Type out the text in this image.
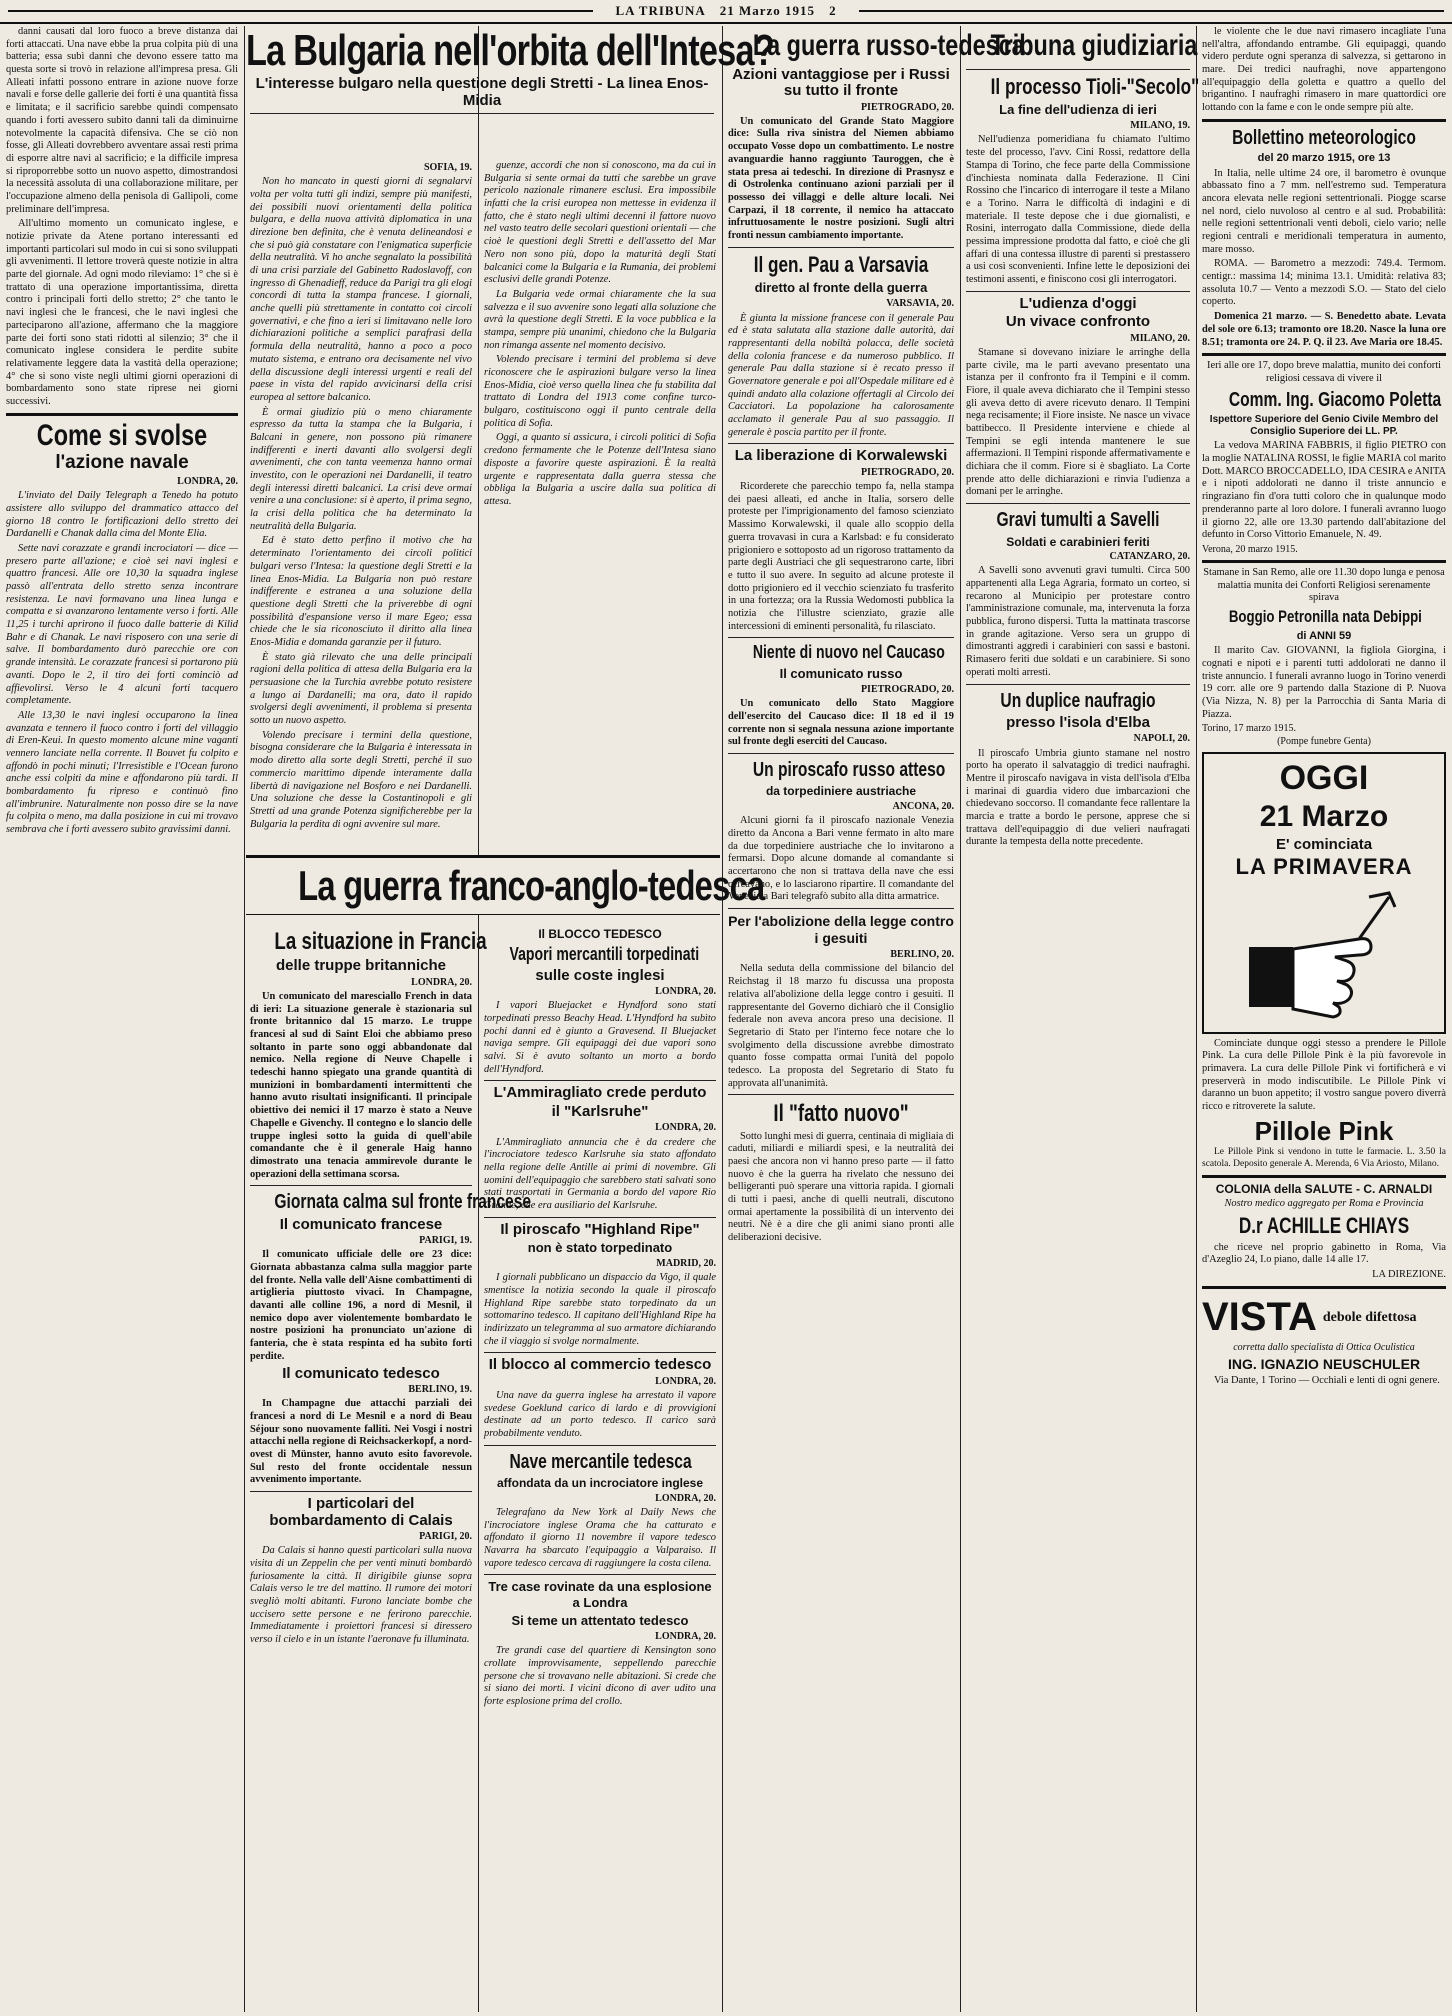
LA TRIBUNA 21 Marzo 1915 2

danni causati dal loro fuoco a breve distanza dai forti attaccati. Una nave ebbe la prua colpita più di una batteria; essa subì danni che devono essere tatto ma questa sorte si trovò in relazione all'impresa presa. Gli Alleati infatti possono entrare in azione nuove forze navali e forse delle gallerie dei forti è una quantità fissa e limitata; e il sacrificio sarebbe quindi compensato quando i forti avessero subìto danni tali da diminuirne notevolmente la capacità difensiva. Che se ciò non fosse, gli Alleati dovrebbero avventare assai resti prima di esporre altre navi al sacrificio; e la difficile impresa si riproporrebbe sotto un nuovo aspetto, dimostrandosi la necessità assoluta di una collaborazione militare, per l'occupazione almeno della penisola di Gallipoli, come preliminare dell'impresa.

All'ultimo momento un comunicato inglese, e notizie private da Atene portano interessanti ed importanti particolari sul modo in cui si sono sviluppati gli avvenimenti. Il lettore troverà queste notizie in altra parte del giornale. Ad ogni modo rileviamo: 1° che si è trattato di una operazione importantissima, diretta contro i principali forti dello stretto; 2° che tanto le navi inglesi che le francesi, che le navi inglesi che parteciparono all'azione, affermano che la maggiore parte dei forti sono stati ridotti al silenzio; 3° che il comunicato inglese considera le perdite subite relativamente leggere data la vastità della operazione; 4° che si sono viste negli ultimi giorni operazioni di bombardamento sono state riprese nei giorni successivi.

Come si svolse
l'azione navale
LONDRA, 20.

L'inviato del Daily Telegraph a Tenedo ha potuto assistere allo sviluppo del drammatico attacco del giorno 18 contro le fortificazioni dello stretto dei Dardanelli e Chanak dalla cima del Monte Elia.

Sette navi corazzate e grandi incrociatori — dice — presero parte all'azione; e cioè sei navi inglesi e quattro francesi. Alle ore 10,30 la squadra inglese passò all'entrata dello stretto senza incontrare resistenza. Le navi formavano una linea lunga e compatta e si avanzarono lentamente verso i forti. Alle 11,25 i turchi aprirono il fuoco dalle batterie di Kilid Bahr e di Chanak. Le navi risposero con una serie di salve. Il bombardamento durò parecchie ore con grande intensità. Le corazzate francesi si portarono più avanti. Dopo le 2, il tiro dei forti cominciò ad affievolirsi. Verso le 4 alcuni forti tacquero completamente.

Alle 13,30 le navi inglesi occuparono la linea avanzata e tennero il fuoco contro i forti del villaggio di Eren-Keui. In questo momento alcune mine vaganti vennero lanciate nella corrente. Il Bouvet fu colpito e affondò in pochi minuti; l'Irresistible e l'Ocean furono anche essi colpiti da mine e affondarono più tardi. Il bombardamento fu ripreso e continuò fino all'imbrunire. Naturalmente non posso dire se la nave fu colpita o meno, ma dalla posizione in cui mi trovavo sembrava che i forti avessero subìto gravissimi danni.

La Bulgaria nell'orbita dell'Intesa?
L'interesse bulgaro nella questione degli Stretti - La linea Enos-Midia
SOFIA, 19.

Non ho mancato in questi giorni di segnalarvi volta per volta tutti gli indizi, sempre più manifesti, dei possibili nuovi orientamenti della politica bulgara, e della nuova attività diplomatica in una direzione ben definita, che è venuta delineandosi e che si può già constatare con l'enigmatica superficie della neutralità. Vi ho anche segnalato la possibilità di una crisi parziale del Gabinetto Radoslavoff, con ingresso di Ghenadieff, reduce da Parigi tra gli elogi concordi di tutta la stampa francese. I giornali, anche quelli più strettamente in contatto coi circoli governativi, e che fino a ieri si limitavano nelle loro dichiarazioni politiche a semplici parafrasi della formula della neutralità, hanno a poco a poco mutato sistema, e entrano ora decisamente nel vivo della discussione degli interessi urgenti e reali del paese in vista del rapido avvicinarsi della crisi europea al settore balcanico.

È ormai giudizio più o meno chiaramente espresso da tutta la stampa che la Bulgaria, i Balcani in genere, non possono più rimanere indifferenti e inerti davanti allo svolgersi degli avvenimenti, che con tanta veemenza hanno ormai investito, con le operazioni nei Dardanelli, il teatro degli interessi diretti balcanici. La crisi deve ormai venire a una conclusione: si è aperto, il prima segno, la crisi della politica che ha determinato la neutralità della Bulgaria.

Ed è stato detto perfino il motivo che ha determinato l'orientamento dei circoli politici bulgari verso l'Intesa: la questione degli Stretti e la linea Enos-Midia. La Bulgaria non può restare indifferente e estranea a una soluzione della questione degli Stretti che la priverebbe di ogni possibilità d'espansione verso il mare Egeo; essa chiede che le sia riconosciuto il diritto alla linea Enos-Midia e domanda garanzie per il futuro.

È stato già rilevato che una delle principali ragioni della politica di attesa della Bulgaria era la persuasione che la Turchia avrebbe potuto resistere a lungo ai Dardanelli; ma ora, dato il rapido svolgersi degli avvenimenti, il problema si presenta sotto un nuovo aspetto.

Volendo precisare i termini della questione, bisogna considerare che la Bulgaria è interessata in modo diretto alla sorte degli Stretti, perché il suo commercio marittimo dipende interamente dalla libertà di navigazione nel Bosforo e nei Dardanelli. Una soluzione che desse la Costantinopoli e gli Stretti ad una grande Potenza significherebbe per la Bulgaria la perdita di ogni avvenire sul mare.

guenze, accordi che non si conoscono, ma da cui in Bulgaria si sente ormai da tutti che sarebbe un grave pericolo nazionale rimanere esclusi. Era impossibile infatti che la crisi europea non mettesse in evidenza il fatto, che è stato negli ultimi decenni il fattore nuovo nel vasto teatro delle secolari questioni orientali — che cioè le questioni degli Stretti e dell'assetto del Mar Nero non sono più, dopo la maturità degli Stati balcanici come la Bulgaria e la Rumania, dei problemi esclusivi delle grandi Potenze.

La Bulgaria vede ormai chiaramente che la sua salvezza e il suo avvenire sono legati alla soluzione che avrà la questione degli Stretti. E la voce pubblica e la stampa, sempre più unanimi, chiedono che la Bulgaria non rimanga assente nel momento decisivo.

Volendo precisare i termini del problema si deve riconoscere che le aspirazioni bulgare verso la linea Enos-Midia, cioè verso quella linea che fu stabilita dal trattato di Londra del 1913 come confine turco-bulgaro, costituiscono oggi il punto centrale della politica di Sofia.

Oggi, a quanto si assicura, i circoli politici di Sofia credono fermamente che le Potenze dell'Intesa siano disposte a favorire queste aspirazioni. È la realtà urgente e rappresentata dalla guerra stessa che obbliga la Bulgaria a uscire dalla sua politica di attesa.

La guerra franco-anglo-tedesca
La situazione in Francia
delle truppe britanniche
LONDRA, 20.

Un comunicato del maresciallo French in data di ieri: La situazione generale è stazionaria sul fronte britannico dal 15 marzo. Le truppe francesi al sud di Saint Eloi che abbiamo preso soltanto in parte sono oggi abbandonate dal nemico. Nella regione di Neuve Chapelle i tedeschi hanno spiegato una grande quantità di munizioni in bombardamenti intermittenti che hanno avuto risultati insignificanti. Il principale obiettivo dei nemici il 17 marzo è stato a Neuve Chapelle e Givenchy. Il contegno e lo slancio delle truppe inglesi sotto la guida di quell'abile comandante che è il generale Haig hanno dimostrato una tenacia ammirevole durante le operazioni della settimana scorsa.

Giornata calma sul fronte francese
Il comunicato francese
PARIGI, 19.

Il comunicato ufficiale delle ore 23 dice: Giornata abbastanza calma sulla maggior parte del fronte. Nella valle dell'Aisne combattimenti di artiglieria piuttosto vivaci. In Champagne, davanti alle colline 196, a nord di Mesnil, il nemico dopo aver violentemente bombardato le nostre posizioni ha pronunciato un'azione di fanteria, che è stata respinta ed ha subìto forti perdite.

Il comunicato tedesco
BERLINO, 19.

In Champagne due attacchi parziali dei francesi a nord di Le Mesnil e a nord di Beau Séjour sono nuovamente falliti. Nei Vosgi i nostri attacchi nella regione di Reichsackerkopf, a nord-ovest di Münster, hanno avuto esito favorevole. Sul resto del fronte occidentale nessun avvenimento importante.

I particolari del bombardamento di Calais
PARIGI, 20.

Da Calais si hanno questi particolari sulla nuova visita di un Zeppelin che per venti minuti bombardò furiosamente la città. Il dirigibile giunse sopra Calais verso le tre del mattino. Il rumore dei motori svegliò molti abitanti. Furono lanciate bombe che uccisero sette persone e ne ferirono parecchie. Immediatamente i proiettori francesi si diressero verso il cielo e in un istante l'aeronave fu illuminata.

Il BLOCCO TEDESCO
Vapori mercantili torpedinati
sulle coste inglesi
LONDRA, 20.

I vapori Bluejacket e Hyndford sono stati torpedinati presso Beachy Head. L'Hyndford ha subìto pochi danni ed è giunto a Gravesend. Il Bluejacket naviga sempre. Gli equipaggi dei due vapori sono salvi. Si è avuto soltanto un morto a bordo dell'Hyndford.

L'Ammiragliato crede perduto
il "Karlsruhe"
LONDRA, 20.

L'Ammiragliato annuncia che è da credere che l'incrociatore tedesco Karlsruhe sia stato affondato nella regione delle Antille ai primi di novembre. Gli uomini dell'equipaggio che sarebbero stati salvati sono stati trasportati in Germania a bordo del vapore Rio Grande, che era ausiliario del Karlsruhe.

Il piroscafo "Highland Ripe"
non è stato torpedinato
MADRID, 20.

I giornali pubblicano un dispaccio da Vigo, il quale smentisce la notizia secondo la quale il piroscafo Highland Ripe sarebbe stato torpedinato da un sottomarino tedesco. Il capitano dell'Highland Ripe ha indirizzato un telegramma al suo armatore dichiarando che il viaggio si svolge normalmente.

Il blocco al commercio tedesco
LONDRA, 20.

Una nave da guerra inglese ha arrestato il vapore svedese Goeklund carico di lardo e di provvigioni destinate ad un porto tedesco. Il carico sarà probabilmente venduto.

Nave mercantile tedesca
affondata da un incrociatore inglese
LONDRA, 20.

Telegrafano da New York al Daily News che l'incrociatore inglese Orama che ha catturato e affondato il giorno 11 novembre il vapore tedesco Navarra ha sbarcato l'equipaggio a Valparaiso. Il vapore tedesco cercava di raggiungere la costa cilena.

Tre case rovinate da una esplosione a Londra
Si teme un attentato tedesco
LONDRA, 20.

Tre grandi case del quartiere di Kensington sono crollate improvvisamente, seppellendo parecchie persone che si trovavano nelle abitazioni. Si crede che si siano dei morti. I vicini dicono di aver udito una forte esplosione prima del crollo.

La guerra russo-tedesca
Azioni vantaggiose per i Russi su tutto il fronte
PIETROGRADO, 20.

Un comunicato del Grande Stato Maggiore dice: Sulla riva sinistra del Niemen abbiamo occupato Vosse dopo un combattimento. Le nostre avanguardie hanno raggiunto Tauroggen, che è stata presa ai tedeschi. In direzione di Prasnysz e di Ostrolenka continuano azioni parziali per il possesso dei villaggi e delle alture locali. Nei Carpazi, il 18 corrente, il nemico ha attaccato infruttuosamente le nostre posizioni. Sugli altri fronti nessun cambiamento importante.

Il gen. Pau a Varsavia
diretto al fronte della guerra
VARSAVIA, 20.

È giunta la missione francese con il generale Pau ed è stata salutata alla stazione dalle autorità, dai rappresentanti della nobiltà polacca, delle società della colonia francese e da numeroso pubblico. Il generale Pau dalla stazione si è recato presso il Governatore generale e poi all'Ospedale militare ed è quindi andato alla colazione offertagli al Circolo dei Cacciatori. La popolazione ha calorosamente acclamato il generale Pau al suo passaggio. Il generale è poscia partito per il fronte.

La liberazione di Korwalewski
PIETROGRADO, 20.

Ricorderete che parecchio tempo fa, nella stampa dei paesi alleati, ed anche in Italia, sorsero delle proteste per l'imprigionamento del famoso scienziato Massimo Korwalewski, il quale allo scoppio della guerra trovavasi in cura a Karlsbad: e fu considerato prigioniero e sottoposto ad un rigoroso trattamento da parte degli Austriaci che gli sequestrarono carte, libri e tutto il suo avere. In seguito ad alcune proteste il dotto prigioniero ed il vecchio scienziato fu trasferito in una fortezza; ora la Russia Wedomosti pubblica la notizia che l'illustre scienziato, grazie alle intercessioni di eminenti personalità, fu rilasciato.

Niente di nuovo nel Caucaso
Il comunicato russo
PIETROGRADO, 20.

Un comunicato dello Stato Maggiore dell'esercito del Caucaso dice: Il 18 ed il 19 corrente non si segnala nessuna azione importante sul fronte degli eserciti del Caucaso.

Un piroscafo russo atteso
da torpediniere austriache
ANCONA, 20.

Alcuni giorni fa il piroscafo nazionale Venezia diretto da Ancona a Bari venne fermato in alto mare da due torpediniere austriache che lo invitarono a fermarsi. Dopo alcune domande al comandante si accertarono che non si trattava della nave che essi cercavano, e lo lasciarono ripartire. Il comandante del Venezia a Bari telegrafò subito alla ditta armatrice.

Per l'abolizione della legge contro i gesuiti
BERLINO, 20.

Nella seduta della commissione del bilancio del Reichstag il 18 marzo fu discussa una proposta relativa all'abolizione della legge contro i gesuiti. Il rappresentante del Governo dichiarò che il Consiglio federale non aveva ancora preso una decisione. Il Segretario di Stato per l'interno fece notare che lo svolgimento della discussione avrebbe dimostrato quanto fosse compatta ormai l'unità del popolo tedesco. La proposta del Segretario di Stato fu approvata all'unanimità.

Il "fatto nuovo"

Sotto lunghi mesi di guerra, centinaia di migliaia di caduti, miliardi e miliardi spesi, e la neutralità dei paesi che ancora non vi hanno preso parte — il fatto nuovo è che la guerra ha rivelato che nessuno dei belligeranti può sperare una vittoria rapida. I giornali di tutti i paesi, anche di quelli neutrali, discutono ormai apertamente la possibilità di un intervento dei neutri. Nè è a dire che gli animi siano pronti alle deliberazioni decisive.

Tribuna giudiziaria
Il processo Tioli-"Secolo"
La fine dell'udienza di ieri
MILANO, 19.

Nell'udienza pomeridiana fu chiamato l'ultimo teste del processo, l'avv. Cini Rossi, redattore della Stampa di Torino, che fece parte della Commissione d'inchiesta nominata dalla Federazione. Il Cini Rossino che l'incarico di interrogare il teste a Milano e a Torino. Narra le difficoltà di indagini e di materiale. Il teste depose che i due giornalisti, e Rosini, interrogato dalla Commissione, diede della pessima impressione prodotta dal fatto, e cioè che gli affari di una contessa illustre di parenti si prestassero a usi così sconvenienti. Infine lette le deposizioni dei testimoni assenti, e finiscono così gli interrogatori.

L'udienza d'oggi
Un vivace confronto
MILANO, 20.

Stamane si dovevano iniziare le arringhe della parte civile, ma le parti avevano presentato una istanza per il confronto fra il Tempini e il comm. Fiore, il quale aveva dichiarato che il Tempini stesso gli aveva detto di avere ricevuto denaro. Il Tempini nega recisamente; il Fiore insiste. Ne nasce un vivace battibecco. Il Presidente interviene e chiede al Tempini se egli intenda mantenere le sue affermazioni. Il Tempini risponde affermativamente e dichiara che il comm. Fiore si è sbagliato. La Corte prende atto delle dichiarazioni e rinvia l'udienza a domani per le arringhe.

Gravi tumulti a Savelli
Soldati e carabinieri feriti
CATANZARO, 20.

A Savelli sono avvenuti gravi tumulti. Circa 500 appartenenti alla Lega Agraria, formato un corteo, si recarono al Municipio per protestare contro l'amministrazione comunale, ma, intervenuta la forza pubblica, furono dispersi. Tutta la mattinata trascorse in grande agitazione. Verso sera un gruppo di dimostranti aggredì i carabinieri con sassi e bastoni. Rimasero feriti due soldati e un carabiniere. Si sono operati molti arresti.

Un duplice naufragio
presso l'isola d'Elba
NAPOLI, 20.

Il piroscafo Umbria giunto stamane nel nostro porto ha operato il salvataggio di tredici naufraghi. Mentre il piroscafo navigava in vista dell'isola d'Elba i marinai di guardia videro due imbarcazioni che chiedevano soccorso. Il comandante fece rallentare la marcia e tratte a bordo le persone, apprese che si trattava dell'equipaggio di due velieri naufragati durante la tempesta della notte precedente.

le violente che le due navi rimasero incagliate l'una nell'altra, affondando entrambe. Gli equipaggi, quando videro perdute ogni speranza di salvezza, si gettarono in mare. Dei tredici naufraghi, nove appartengono all'equipaggio della goletta e quattro a quello del brigantino. I naufraghi rimasero in mare quattordici ore lottando con la fame e con le onde sempre più alte.

Bollettino meteorologico
del 20 marzo 1915, ore 13

In Italia, nelle ultime 24 ore, il barometro è ovunque abbassato fino a 7 mm. nell'estremo sud. Temperatura ancora elevata nelle regioni settentrionali. Piogge scarse nel nord, cielo nuvoloso al centro e al sud. Probabilità: nelle regioni settentrionali venti deboli, cielo vario; nelle regioni centrali e meridionali temperatura in aumento, mare mosso.

ROMA. — Barometro a mezzodì: 749.4. Termom. centigr.: massima 14; minima 13.1. Umidità: relativa 83; assoluta 10.7 — Vento a mezzodì S.O. — Stato del cielo coperto.

Domenica 21 marzo. — S. Benedetto abate. Levata del sole ore 6.13; tramonto ore 18.20. Nasce la luna ore 8.51; tramonta ore 24. P. Q. il 23. Ave Maria ore 18.45.

Ieri alle ore 17, dopo breve malattia, munito dei conforti religiosi cessava di vivere il

Comm. Ing. Giacomo Poletta
Ispettore Superiore del Genio Civile Membro del Consiglio Superiore dei LL. PP.

La vedova MARINA FABBRIS, il figlio PIETRO con la moglie NATALINA ROSSI, le figlie MARIA col marito Dott. MARCO BROCCADELLO, IDA CESIRA e ANITA e i nipoti addolorati ne danno il triste annuncio e ringraziano fin d'ora tutti coloro che in qualunque modo prenderanno parte al loro dolore. I funerali avranno luogo il giorno 22, alle ore 13.30 partendo dall'abitazione del defunto in Corso Vittorio Emanuele, N. 49.

Verona, 20 marzo 1915.

Stamane in San Remo, alle ore 11.30 dopo lunga e penosa malattia munita dei Conforti Religiosi serenamente spirava

Boggio Petronilla nata Debippi
di ANNI 59

Il marito Cav. GIOVANNI, la figliola Giorgina, i cognati e nipoti e i parenti tutti addolorati ne danno il triste annuncio. I funerali avranno luogo in Torino venerdì 19 corr. alle ore 9 partendo dalla Stazione di P. Nuova (Via Nizza, N. 8) per la Parrocchia di Santa Maria di Piazza.

Torino, 17 marzo 1915.
(Pompe funebre Genta)
OGGI
21 Marzo
E' cominciata
LA PRIMAVERA

Cominciate dunque oggi stesso a prendere le Pillole Pink. La cura delle Pillole Pink è la più favorevole in primavera. La cura delle Pillole Pink vi fortificherà e vi preserverà in modo indiscutibile. Le Pillole Pink vi daranno un buon appetito; il vostro sangue povero diverrà ricco e ritroverete la salute.

Pillole Pink

Le Pillole Pink si vendono in tutte le farmacie. L. 3.50 la scatola. Deposito generale A. Merenda, 6 Via Ariosto, Milano.

COLONIA della SALUTE - C. ARNALDI
Nostro medico aggregato per Roma e Provincia
D.r ACHILLE CHIAYS

che riceve nel proprio gabinetto in Roma, Via d'Azeglio 24, I.o piano, dalle 14 alle 17.

LA DIREZIONE.
VISTA debole difettosa
corretta dallo specialista di Ottica Oculistica
ING. IGNAZIO NEUSCHULER

Via Dante, 1 Torino — Occhiali e lenti di ogni genere.
